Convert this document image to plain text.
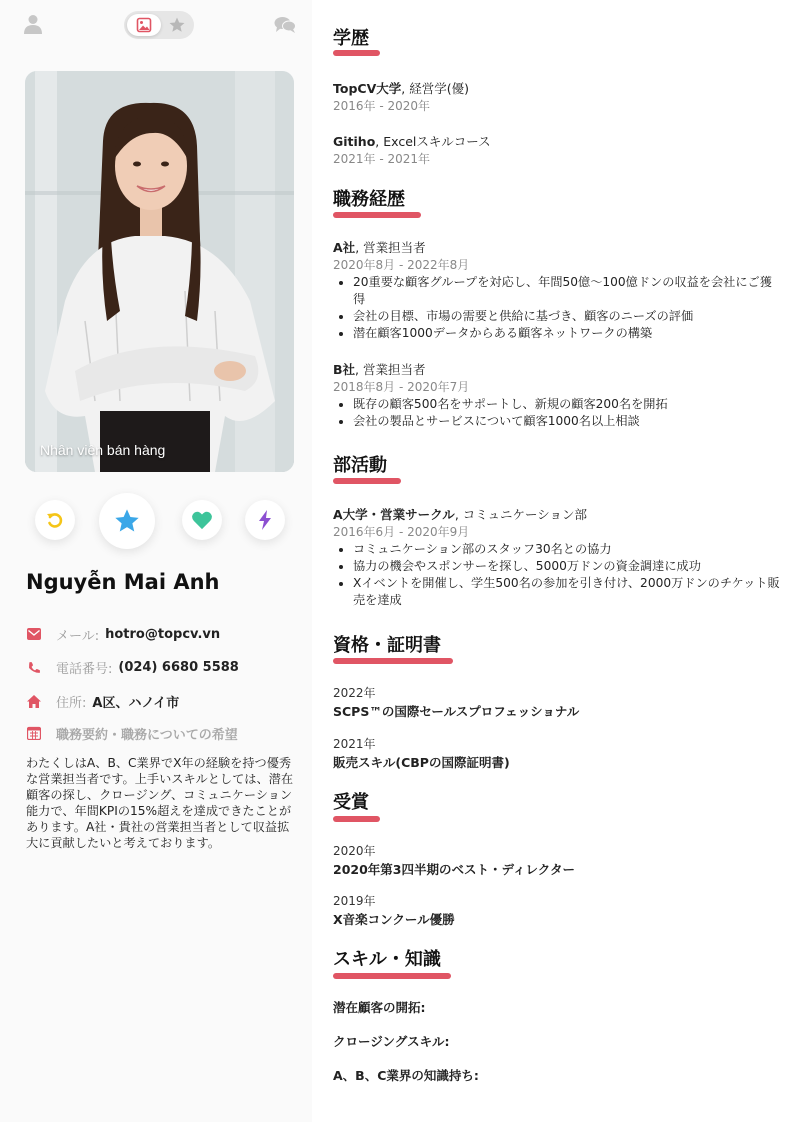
Nhân viên bán hàng
Nguyễn Mai Anh
メール: hotro@topcv.vn
電話番号: (024) 6680 5588
住所: A区、ハノイ市
職務要約・職務についての希望
わたくしはA、B、C業界でX年の経験を持つ優秀な営業担当者です。上手いスキルとしては、潜在顧客の探し、クロージング、コミュニケーション能力で、年間KPIの15%超えを達成できたことがあります。A社・貴社の営業担当者として収益拡大に貢献したいと考えております。
学歴
TopCV大学, 経営学(優)
2016年 - 2020年
Gitiho, Excelスキルコース
2021年 - 2021年
職務経歴
A社, 営業担当者
2020年8月 - 2022年8月
20重要な顧客グループを対応し、年間50億〜100億ドンの収益を会社にご獲得
会社の目標、市場の需要と供給に基づき、顧客のニーズの評価
潜在顧客1000データからある顧客ネットワークの構築
B社, 営業担当者
2018年8月 - 2020年7月
既存の顧客500名をサポートし、新規の顧客200名を開拓
会社の製品とサービスについて顧客1000名以上相談
部活動
A大学・営業サークル, コミュニケーション部
2016年6月 - 2020年9月
コミュニケーション部のスタッフ30名との協力
協力の機会やスポンサーを探し、5000万ドンの資金調達に成功
Xイベントを開催し、学生500名の参加を引き付け、2000万ドンのチケット販売を達成
資格・証明書
2022年
SCPS™の国際セールスプロフェッショナル
2021年
販売スキル(CBPの国際証明書)
受賞
2020年
2020年第3四半期のベスト・ディレクター
2019年
X音楽コンクール優勝
スキル・知識
潜在顧客の開拓:
クロージングスキル:
A、B、C業界の知識持ち:
